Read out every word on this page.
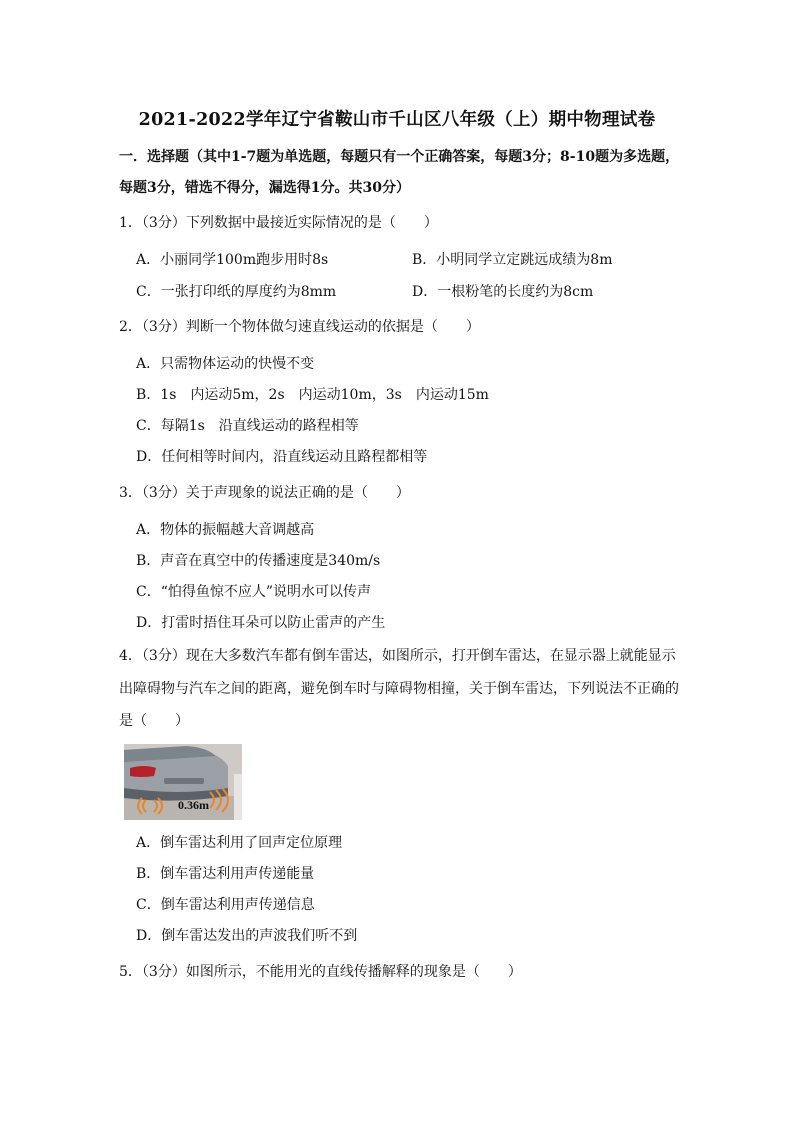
2021-2022学年辽宁省鞍山市千山区八年级（上）期中物理试卷
一．选择题（其中1-7题为单选题，每题只有一个正确答案，每题3分；8-10题为多选题，
每题3分，错选不得分，漏选得1分。共30分）
1．（3分）下列数据中最接近实际情况的是（　　）
A．小丽同学100m跑步用时8s	B．小明同学立定跳远成绩为8m
C．一张打印纸的厚度约为8mm	D．一根粉笔的长度约为8cm
2．（3分）判断一个物体做匀速直线运动的依据是（　　）
A．只需物体运动的快慢不变
B．1s　内运动5m，2s　内运动10m，3s　内运动15m
C．每隔1s　沿直线运动的路程相等
D．任何相等时间内，沿直线运动且路程都相等
3．（3分）关于声现象的说法正确的是（　　）
A．物体的振幅越大音调越高
B．声音在真空中的传播速度是340m/s
C．“怕得鱼惊不应人”说明水可以传声
D．打雷时捂住耳朵可以防止雷声的产生
4．（3分）现在大多数汽车都有倒车雷达，如图所示，打开倒车雷达，在显示器上就能显示
出障碍物与汽车之间的距离，避免倒车时与障碍物相撞，关于倒车雷达，下列说法不正确的
是（　　）
0.36m
A．倒车雷达利用了回声定位原理
B．倒车雷达利用声传递能量
C．倒车雷达利用声传递信息
D．倒车雷达发出的声波我们听不到
5．（3分）如图所示，不能用光的直线传播解释的现象是（　　）
